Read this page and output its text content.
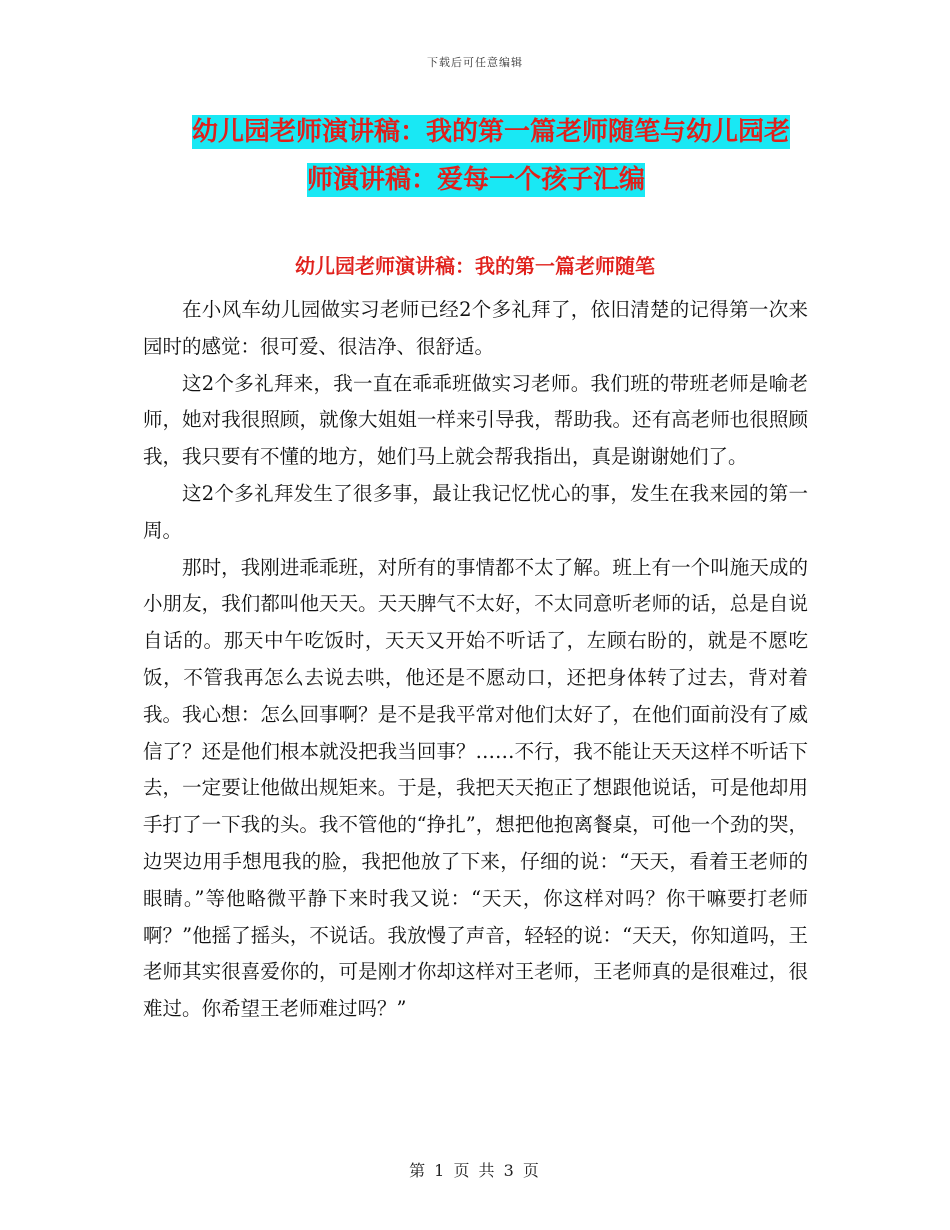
下载后可任意编辑
幼儿园老师演讲稿：我的第一篇老师随笔与幼儿园老
师演讲稿：爱每一个孩子汇编
幼儿园老师演讲稿：我的第一篇老师随笔

在小风车幼儿园做实习老师已经2个多礼拜了，依旧清楚的记得第一次来园时的感觉：很可爱、很洁净、很舒适。

这2个多礼拜来，我一直在乖乖班做实习老师。我们班的带班老师是喻老师，她对我很照顾，就像大姐姐一样来引导我，帮助我。还有高老师也很照顾我，我只要有不懂的地方，她们马上就会帮我指出，真是谢谢她们了。

这2个多礼拜发生了很多事，最让我记忆忧心的事，发生在我来园的第一周。

那时，我刚进乖乖班，对所有的事情都不太了解。班上有一个叫施天成的小朋友，我们都叫他天天。天天脾气不太好，不太同意听老师的话，总是自说自话的。那天中午吃饭时，天天又开始不听话了，左顾右盼的，就是不愿吃饭，不管我再怎么去说去哄，他还是不愿动口，还把身体转了过去，背对着我。我心想：怎么回事啊？是不是我平常对他们太好了，在他们面前没有了威信了？还是他们根本就没把我当回事？……不行，我不能让天天这样不听话下去，一定要让他做出规矩来。于是，我把天天抱正了想跟他说话，可是他却用手打了一下我的头。我不管他的“挣扎”，想把他抱离餐桌，可他一个劲的哭，边哭边用手想甩我的脸，我把他放了下来，仔细的说：“天天，看着王老师的眼睛。”等他略微平静下来时我又说：“天天，你这样对吗？你干嘛要打老师啊？”他摇了摇头，不说话。我放慢了声音，轻轻的说：“天天，你知道吗，王老师其实很喜爱你的，可是刚才你却这样对王老师，王老师真的是很难过，很难过。你希望王老师难过吗？”

第 1 页 共 3 页
